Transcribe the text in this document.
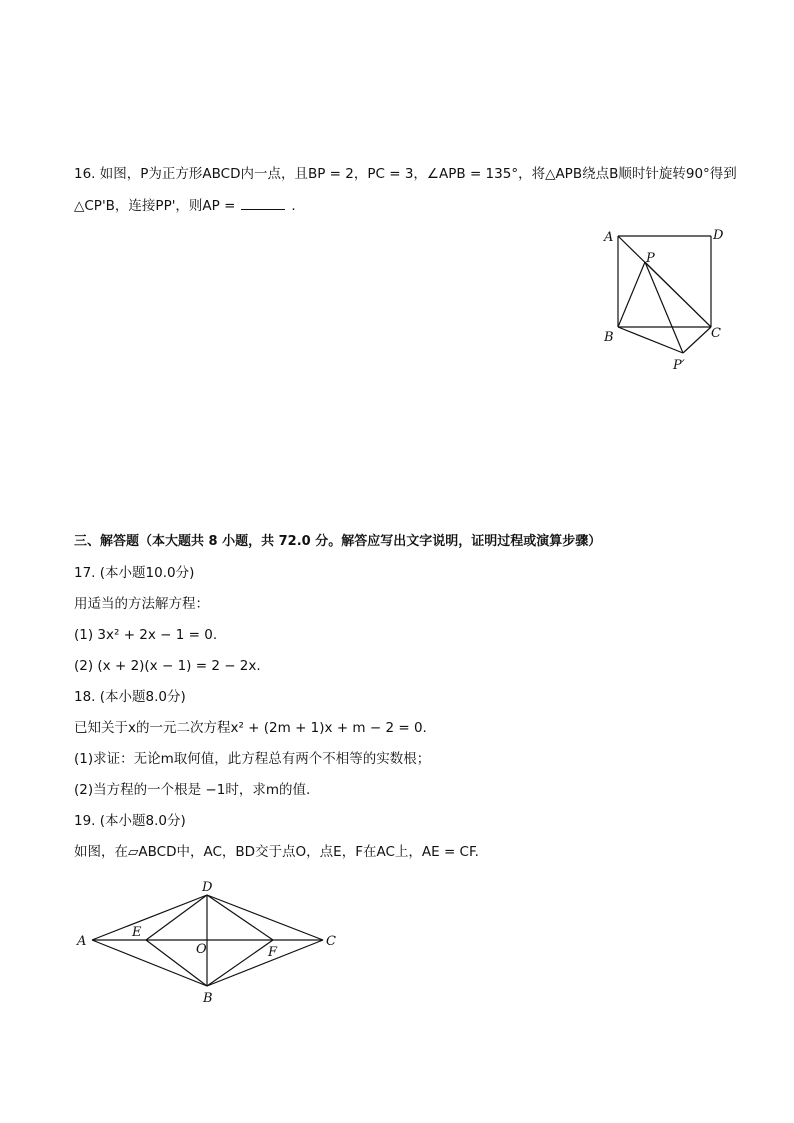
16. 如图，P为正方形ABCD内一点，且BP = 2，PC = 3，∠APB = 135°，将△APB绕点B顺时针旋转90°得到
△CP'B，连接PP'，则AP =	.
A	D
P
B	C
P′
三、解答题（本大题共 8 小题，共 72.0 分。解答应写出文字说明，证明过程或演算步骤）
17. (本小题10.0分)
用适当的方法解方程：
(1) 3x² + 2x − 1 = 0.
(2) (x + 2)(x − 1) = 2 − 2x.
18. (本小题8.0分)
已知关于x的一元二次方程x² + (2m + 1)x + m − 2 = 0.
(1)求证：无论m取何值，此方程总有两个不相等的实数根；
(2)当方程的一个根是 −1时，求m的值.
19. (本小题8.0分)
如图，在▱ABCD中，AC，BD交于点O，点E，F在AC上，AE = CF.
A
D
C
B
E
F
O
